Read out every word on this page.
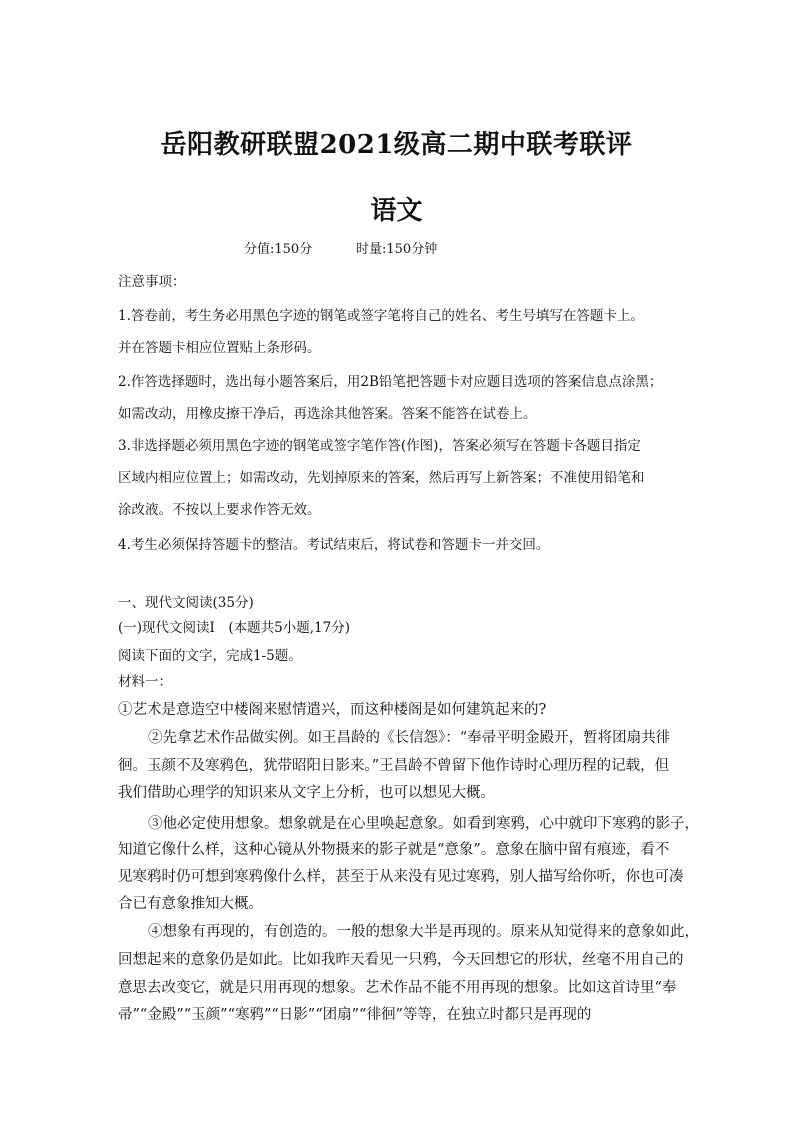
岳阳教研联盟2021级高二期中联考联评
语文
分值:150分	时量:150分钟
注意事项：
1.答卷前，考生务必用黑色字迹的钢笔或签字笔将自己的姓名、考生号填写在答题卡上。
并在答题卡相应位置贴上条形码。
2.作答选择题时，选出每小题答案后，用2B铅笔把答题卡对应题目选项的答案信息点涂黑；
如需改动，用橡皮擦干净后，再选涂其他答案。答案不能答在试卷上。
3.非选择题必须用黑色字迹的钢笔或签字笔作答(作图)，答案必须写在答题卡各题目指定
区域内相应位置上；如需改动，先划掉原来的答案，然后再写上新答案；不准使用铅笔和
涂改液。不按以上要求作答无效。
4.考生必须保持答题卡的整洁。考试结束后，将试卷和答题卡一并交回。
一、现代文阅读(35分)
(一)现代文阅读Ⅰ　(本题共5小题,17分)
阅读下面的文字，完成1-5题。
材料一：
①艺术是意造空中楼阁来慰情遣兴，而这种楼阁是如何建筑起来的?
②先拿艺术作品做实例。如王昌龄的《长信怨》：“奉帚平明金殿开，暂将团扇共徘
徊。玉颜不及寒鸦色，犹带昭阳日影来。”王昌龄不曾留下他作诗时心理历程的记载，但
我们借助心理学的知识来从文字上分析，也可以想见大概。
③他必定使用想象。想象就是在心里唤起意象。如看到寒鸦，心中就印下寒鸦的影子，
知道它像什么样，这种心镜从外物摄来的影子就是“意象”。意象在脑中留有痕迹，看不
见寒鸦时仍可想到寒鸦像什么样，甚至于从来没有见过寒鸦，别人描写给你听，你也可凑
合已有意象推知大概。
④想象有再现的，有创造的。一般的想象大半是再现的。原来从知觉得来的意象如此，
回想起来的意象仍是如此。比如我昨天看见一只鸦，今天回想它的形状，丝毫不用自己的
意思去改变它，就是只用再现的想象。艺术作品不能不用再现的想象。比如这首诗里“奉
帚”“金殿”“玉颜”“寒鸦”“日影”“团扇”“徘徊”等等，在独立时都只是再现的
